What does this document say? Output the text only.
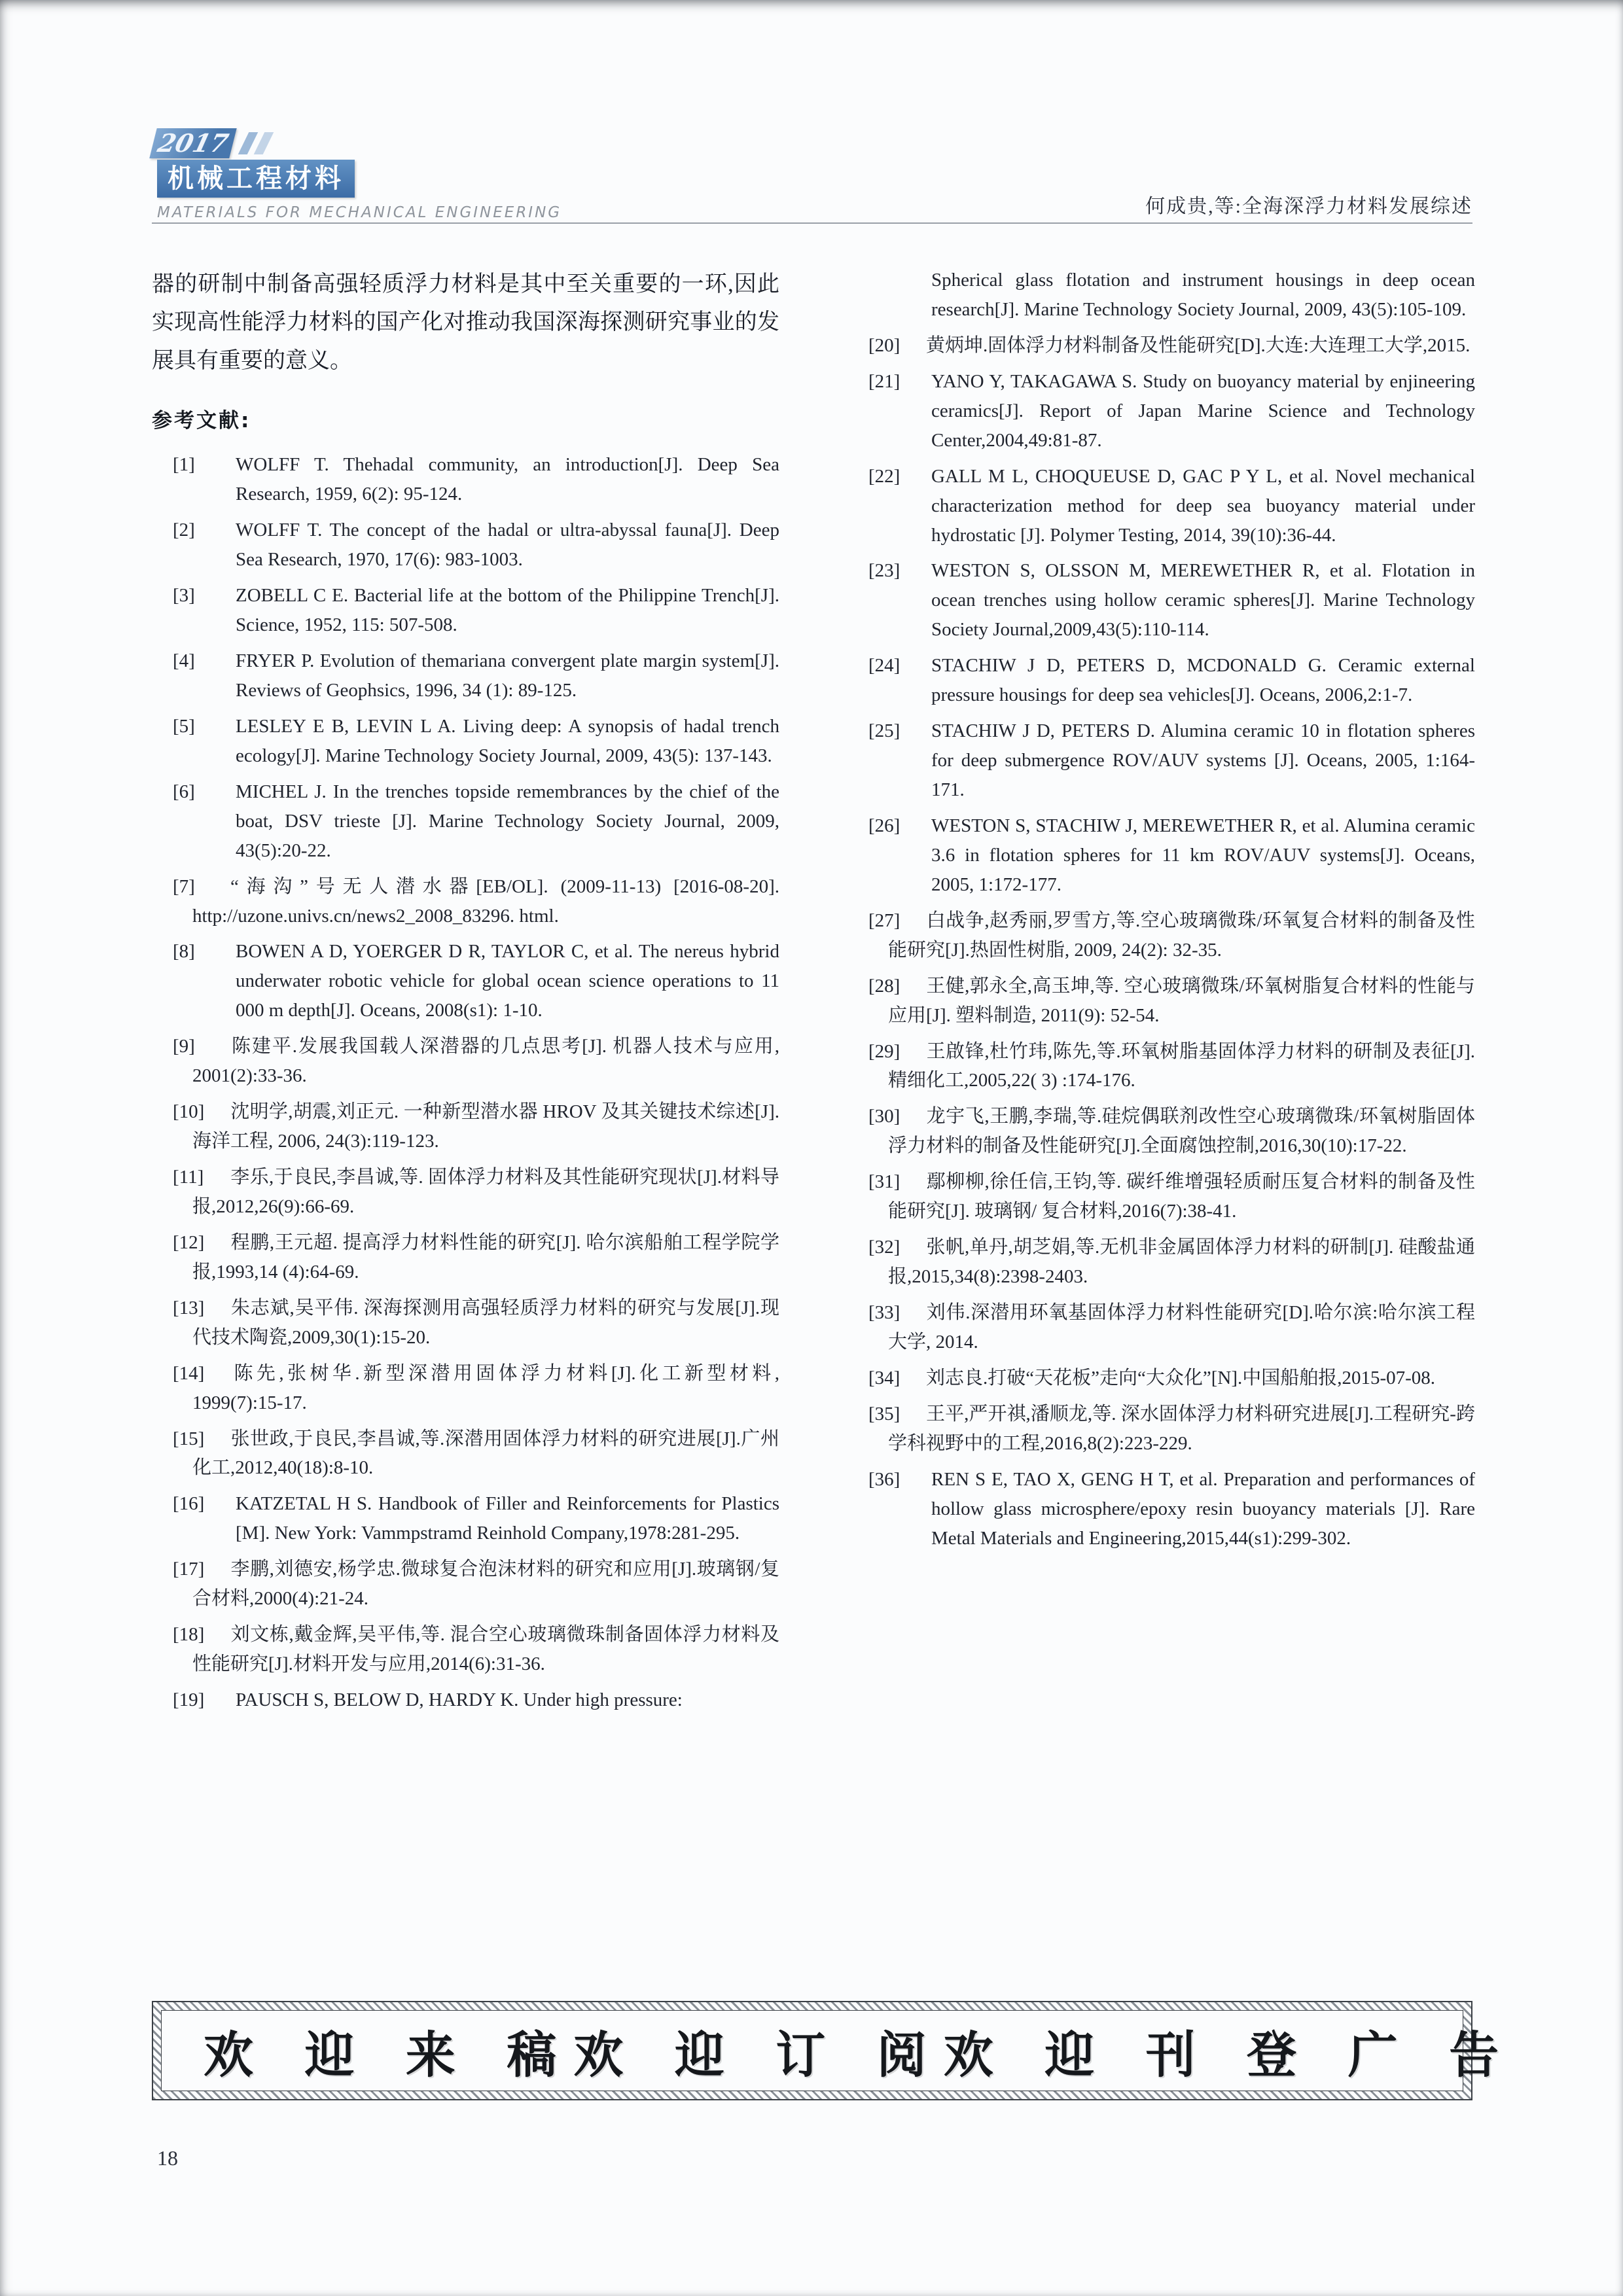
2017
机械工程材料
MATERIALS FOR MECHANICAL ENGINEERING	何成贵,等:全海深浮力材料发展综述

器的研制中制备高强轻质浮力材料是其中至关重要的一环,因此实现高性能浮力材料的国产化对推动我国深海探测研究事业的发展具有重要的意义。

参考文献:
[1] WOLFF T. Thehadal community, an introduction[J]. Deep Sea Research, 1959, 6(2): 95-124.
[2] WOLFF T. The concept of the hadal or ultra-abyssal fauna[J]. Deep Sea Research, 1970, 17(6): 983-1003.
[3] ZOBELL C E. Bacterial life at the bottom of the Philippine Trench[J]. Science, 1952, 115: 507-508.
[4] FRYER P. Evolution of themariana convergent plate margin system[J]. Reviews of Geophsics, 1996, 34 (1): 89-125.
[5] LESLEY E B, LEVIN L A. Living deep: A synopsis of hadal trench ecology[J]. Marine Technology Society Journal, 2009, 43(5): 137-143.
[6] MICHEL J. In the trenches topside remembrances by the chief of the boat, DSV trieste [J]. Marine Technology Society Journal, 2009, 43(5):20-22.
[7] “海沟”号无人潜水器[EB/OL]. (2009-11-13) [2016-08-20]. http://uzone.univs.cn/news2_2008_83296. html.
[8] BOWEN A D, YOERGER D R, TAYLOR C, et al. The nereus hybrid underwater robotic vehicle for global ocean science operations to 11 000 m depth[J]. Oceans, 2008(s1): 1-10.
[9] 陈建平.发展我国载人深潜器的几点思考[J]. 机器人技术与应用, 2001(2):33-36.
[10] 沈明学,胡震,刘正元. 一种新型潜水器 HROV 及其关键技术综述[J]. 海洋工程, 2006, 24(3):119-123.
[11] 李乐,于良民,李昌诚,等. 固体浮力材料及其性能研究现状[J].材料导报,2012,26(9):66-69.
[12] 程鹏,王元超. 提高浮力材料性能的研究[J]. 哈尔滨船舶工程学院学报,1993,14 (4):64-69.
[13] 朱志斌,吴平伟. 深海探测用高强轻质浮力材料的研究与发展[J].现代技术陶瓷,2009,30(1):15-20.
[14] 陈先,张树华.新型深潜用固体浮力材料[J].化工新型材料, 1999(7):15-17.
[15] 张世政,于良民,李昌诚,等.深潜用固体浮力材料的研究进展[J].广州化工,2012,40(18):8-10.
[16] KATZETAL H S. Handbook of Filler and Reinforcements for Plastics [M]. New York: Vammpstramd Reinhold Company,1978:281-295.
[17] 李鹏,刘德安,杨学忠.微球复合泡沫材料的研究和应用[J].玻璃钢/复合材料,2000(4):21-24.
[18] 刘文栋,戴金辉,吴平伟,等. 混合空心玻璃微珠制备固体浮力材料及性能研究[J].材料开发与应用,2014(6):31-36.
[19] PAUSCH S, BELOW D, HARDY K. Under high pressure:

Spherical glass flotation and instrument housings in deep ocean research[J]. Marine Technology Society Journal, 2009, 43(5):105-109.

[20] 黄炳坤.固体浮力材料制备及性能研究[D].大连:大连理工大学,2015.
[21] YANO Y, TAKAGAWA S. Study on buoyancy material by enjineering ceramics[J]. Report of Japan Marine Science and Technology Center,2004,49:81-87.
[22] GALL M L, CHOQUEUSE D, GAC P Y L, et al. Novel mechanical characterization method for deep sea buoyancy material under hydrostatic [J]. Polymer Testing, 2014, 39(10):36-44.
[23] WESTON S, OLSSON M, MEREWETHER R, et al. Flotation in ocean trenches using hollow ceramic spheres[J]. Marine Technology Society Journal,2009,43(5):110-114.
[24] STACHIW J D, PETERS D, MCDONALD G. Ceramic external pressure housings for deep sea vehicles[J]. Oceans, 2006,2:1-7.
[25] STACHIW J D, PETERS D. Alumina ceramic 10 in flotation spheres for deep submergence ROV/AUV systems [J]. Oceans, 2005, 1:164-171.
[26] WESTON S, STACHIW J, MEREWETHER R, et al. Alumina ceramic 3.6 in flotation spheres for 11 km ROV/AUV systems[J]. Oceans, 2005, 1:172-177.
[27] 白战争,赵秀丽,罗雪方,等.空心玻璃微珠/环氧复合材料的制备及性能研究[J].热固性树脂, 2009, 24(2): 32-35.
[28] 王健,郭永全,高玉坤,等. 空心玻璃微珠/环氧树脂复合材料的性能与应用[J]. 塑料制造, 2011(9): 52-54.
[29] 王啟锋,杜竹玮,陈先,等.环氧树脂基固体浮力材料的研制及表征[J].精细化工,2005,22( 3) :174-176.
[30] 龙宇飞,王鹏,李瑞,等.硅烷偶联剂改性空心玻璃微珠/环氧树脂固体浮力材料的制备及性能研究[J].全面腐蚀控制,2016,30(10):17-22.
[31] 鄢柳柳,徐任信,王钧,等. 碳纤维增强轻质耐压复合材料的制备及性能研究[J]. 玻璃钢/ 复合材料,2016(7):38-41.
[32] 张帆,单丹,胡芝娟,等.无机非金属固体浮力材料的研制[J]. 硅酸盐通报,2015,34(8):2398-2403.
[33] 刘伟.深潜用环氧基固体浮力材料性能研究[D].哈尔滨:哈尔滨工程大学, 2014.
[34] 刘志良.打破“天花板”走向“大众化”[N].中国船舶报,2015-07-08.
[35] 王平,严开祺,潘顺龙,等. 深水固体浮力材料研究进展[J].工程研究-跨学科视野中的工程,2016,8(2):223-229.
[36] REN S E, TAO X, GENG H T, et al. Preparation and performances of hollow glass microsphere/epoxy resin buoyancy materials [J]. Rare Metal Materials and Engineering,2015,44(s1):299-302.
欢 迎 来 稿 欢 迎 订 阅 欢 迎 刊 登 广 告
18
